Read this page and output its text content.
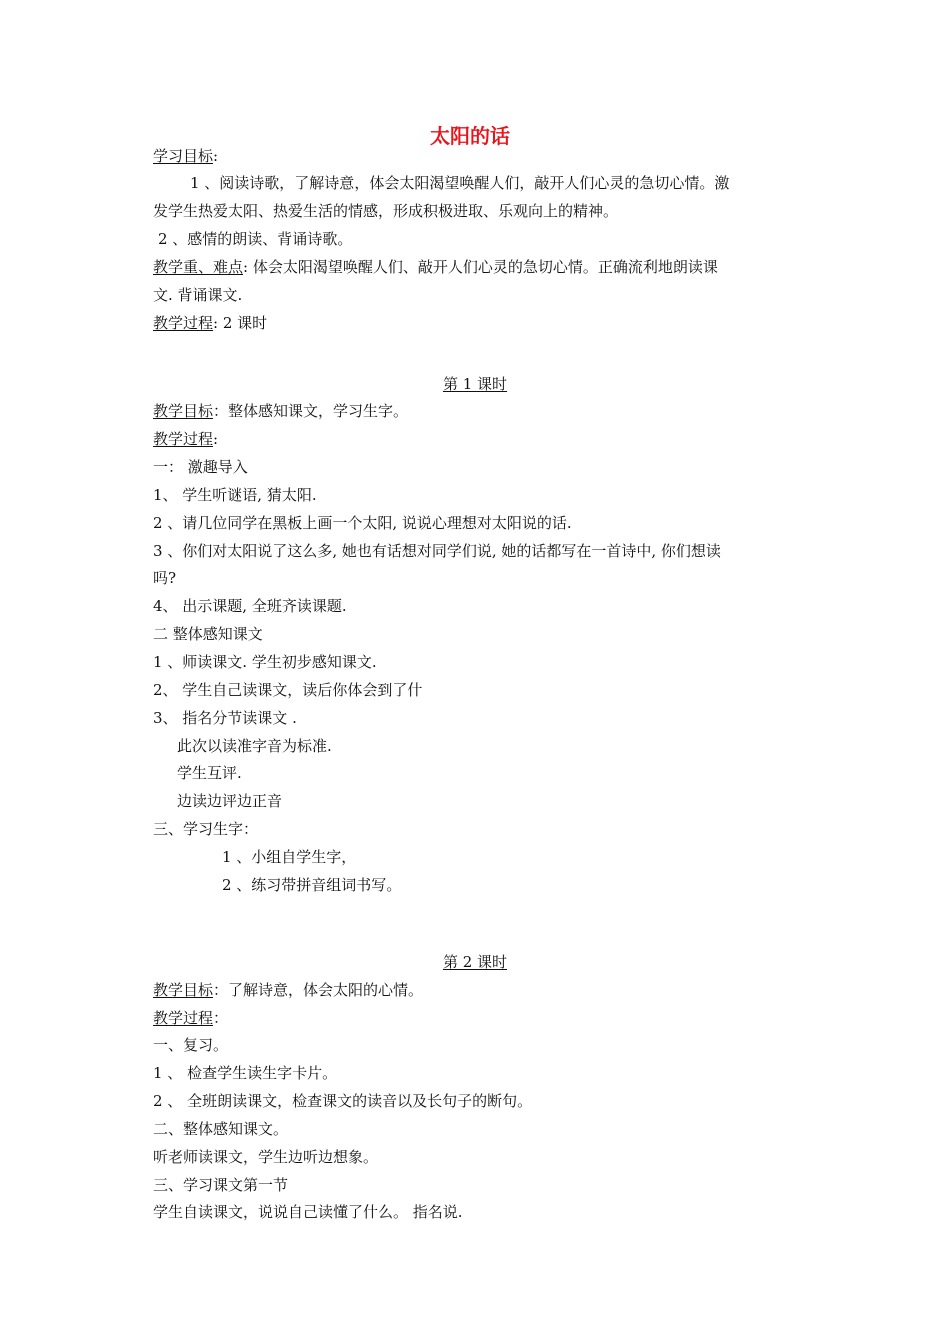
太阳的话
学习目标:
1 、阅读诗歌，了解诗意，体会太阳渴望唤醒人们，敲开人们心灵的急切心情。激
发学生热爱太阳、热爱生活的情感，形成积极进取、乐观向上的精神。
2 、感情的朗读、背诵诗歌。
教学重、难点: 体会太阳渴望唤醒人们、敲开人们心灵的急切心情。正确流利地朗读课
文. 背诵课文.
教学过程: 2 课时
第 1 课时
教学目标：整体感知课文，学习生字。
教学过程:
一： 激趣导入
1、 学生听谜语, 猜太阳.
2 、请几位同学在黑板上画一个太阳, 说说心理想对太阳说的话.
3 、你们对太阳说了这么多, 她也有话想对同学们说, 她的话都写在一首诗中, 你们想读
吗?
4、 出示课题, 全班齐读课题.
二 整体感知课文
1 、师读课文. 学生初步感知课文.
2、 学生自己读课文，读后你体会到了什
3、 指名分节读课文 .
此次以读准字音为标准.
学生互评.
边读边评边正音
三、学习生字：
1 、小组自学生字，
2 、练习带拼音组词书写。
第 2 课时
教学目标：了解诗意，体会太阳的心情。
教学过程：
一、复习。
1 、 检查学生读生字卡片。
2 、 全班朗读课文，检查课文的读音以及长句子的断句。
二、整体感知课文。
听老师读课文，学生边听边想象。
三、学习课文第一节
学生自读课文，说说自己读懂了什么。 指名说.
